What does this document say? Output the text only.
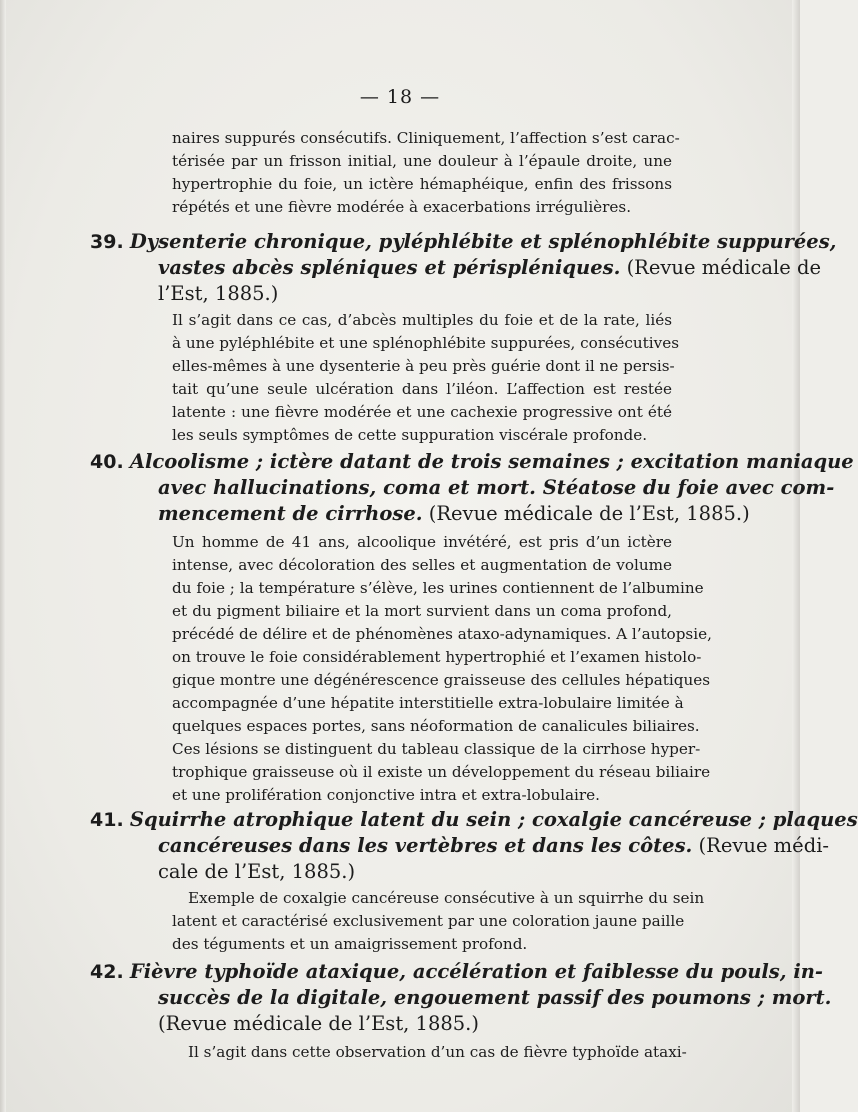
— 18 —
naires suppurés consécutifs. Cliniquement, l’affection s’est carac-
térisée par un frisson initial, une douleur à l’épaule droite, une
hypertrophie du foie, un ictère hémaphéique, enfin des frissons
répétés et une fièvre modérée à exacerbations irrégulières.
39. Dysenterie chronique, pyléphlébite et splénophlébite suppurées,
vastes abcès spléniques et périspléniques. (Revue médicale de
l’Est, 1885.)
Il s’agit dans ce cas, d’abcès multiples du foie et de la rate, liés
à une pyléphlébite et une splénophlébite suppurées, consécutives
elles-mêmes à une dysenterie à peu près guérie dont il ne persis-
tait qu’une seule ulcération dans l’iléon. L’affection est restée
latente : une fièvre modérée et une cachexie progressive ont été
les seuls symptômes de cette suppuration viscérale profonde.
40. Alcoolisme ; ictère datant de trois semaines ; excitation maniaque
avec hallucinations, coma et mort. Stéatose du foie avec com-
mencement de cirrhose. (Revue médicale de l’Est, 1885.)
Un homme de 41 ans, alcoolique invétéré, est pris d’un ictère
intense, avec décoloration des selles et augmentation de volume
du foie ; la température s’élève, les urines contiennent de l’albumine
et du pigment biliaire et la mort survient dans un coma profond,
précédé de délire et de phénomènes ataxo-adynamiques. A l’autopsie,
on trouve le foie considérablement hypertrophié et l’examen histolo-
gique montre une dégénérescence graisseuse des cellules hépatiques
accompagnée d’une hépatite interstitielle extra-lobulaire limitée à
quelques espaces portes, sans néoformation de canalicules biliaires.
Ces lésions se distinguent du tableau classique de la cirrhose hyper-
trophique graisseuse où il existe un développement du réseau biliaire
et une prolifération conjonctive intra et extra-lobulaire.
41. Squirrhe atrophique latent du sein ; coxalgie cancéreuse ; plaques
cancéreuses dans les vertèbres et dans les côtes. (Revue médi-
cale de l’Est, 1885.)
Exemple de coxalgie cancéreuse consécutive à un squirrhe du sein
latent et caractérisé exclusivement par une coloration jaune paille
des téguments et un amaigrissement profond.
42. Fièvre typhoïde ataxique, accélération et faiblesse du pouls, in-
succès de la digitale, engouement passif des poumons ; mort.
(Revue médicale de l’Est, 1885.)
Il s’agit dans cette observation d’un cas de fièvre typhoïde ataxi-
